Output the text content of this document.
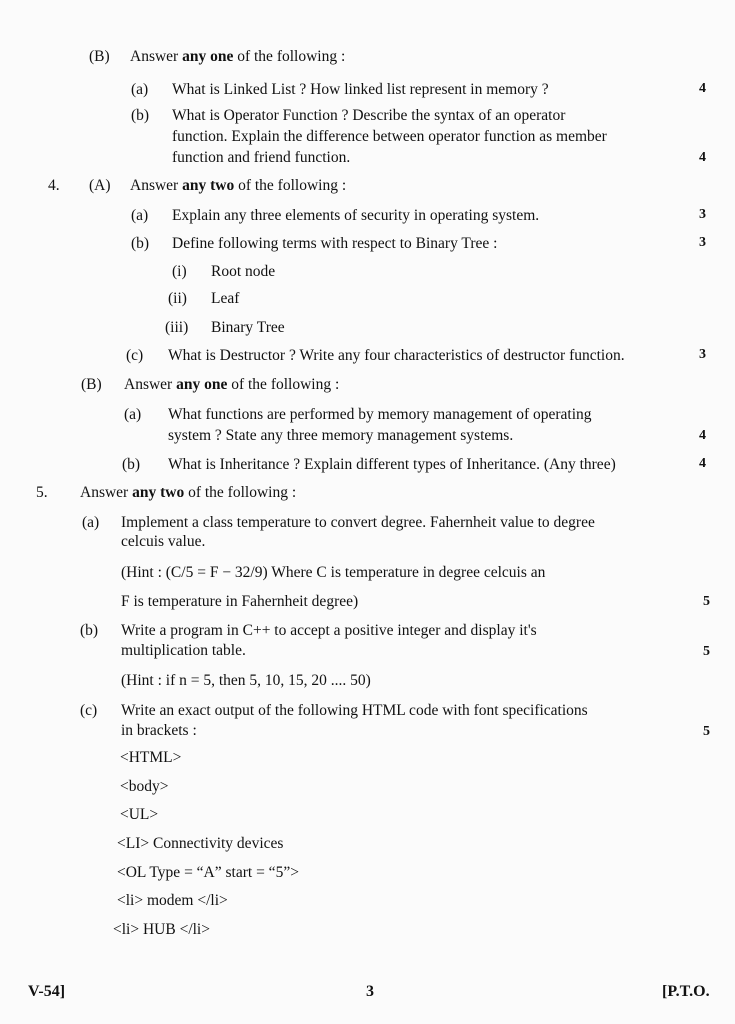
(B) Answer any one of the following :
(a) What is Linked List ? How linked list represent in memory ?	4
(b) What is Operator Function ? Describe the syntax of an operator
function. Explain the difference between operator function as member
function and friend function.	4
4. (A) Answer any two of the following :
(a) Explain any three elements of security in operating system.	3
(b) Define following terms with respect to Binary Tree :	3
(i) Root node
(ii) Leaf
(iii) Binary Tree
(c) What is Destructor ? Write any four characteristics of destructor function.	3
(B) Answer any one of the following :
(a) What functions are performed by memory management of operating
system ? State any three memory management systems.	4
(b) What is Inheritance ? Explain different types of Inheritance. (Any three)	4
5. Answer any two of the following :
(a) Implement a class temperature to convert degree. Fahernheit value to degree
celcuis value.
(Hint : (C/5 = F − 32/9) Where C is temperature in degree celcuis an
F is temperature in Fahernheit degree)	5
(b) Write a program in C++ to accept a positive integer and display it's
multiplication table.	5
(Hint : if n = 5, then 5, 10, 15, 20 .... 50)
(c) Write an exact output of the following HTML code with font specifications
in brackets :	5
<HTML>
<body>
<UL>
<LI> Connectivity devices
<OL Type = “A” start = “5”>
<li> modem </li>
<li> HUB </li>
V-54]	3	[P.T.O.
